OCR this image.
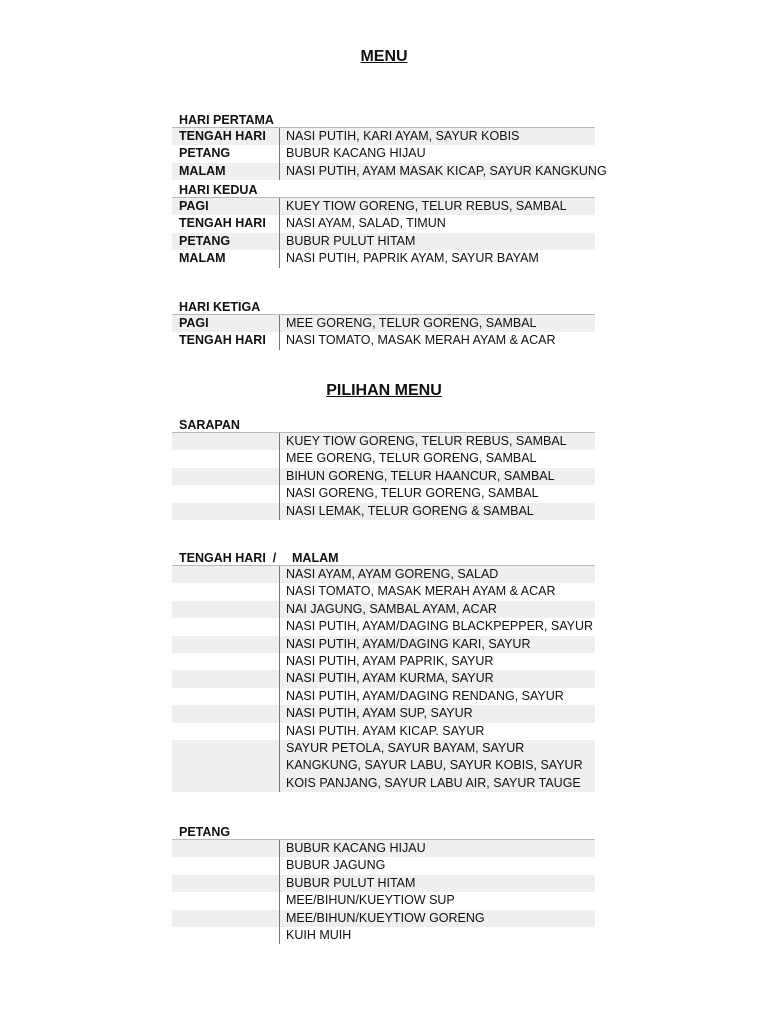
MENU
HARI PERTAMA
TENGAH HARI	NASI PUTIH, KARI AYAM, SAYUR KOBIS
PETANG	BUBUR KACANG HIJAU
MALAM	NASI PUTIH, AYAM MASAK KICAP, SAYUR KANGKUNG
HARI KEDUA
PAGI	KUEY TIOW GORENG, TELUR REBUS, SAMBAL
TENGAH HARI	NASI AYAM, SALAD, TIMUN
PETANG	BUBUR PULUT HITAM
MALAM	NASI PUTIH, PAPRIK AYAM, SAYUR BAYAM
HARI KETIGA
PAGI	MEE GORENG, TELUR GORENG, SAMBAL
TENGAH HARI	NASI TOMATO, MASAK MERAH AYAM & ACAR
PILIHAN MENU
SARAPAN
KUEY TIOW GORENG, TELUR REBUS, SAMBAL
MEE GORENG, TELUR GORENG, SAMBAL
BIHUN GORENG, TELUR HAANCUR, SAMBAL
NASI GORENG, TELUR GORENG, SAMBAL
NASI LEMAK, TELUR GORENG & SAMBAL
TENGAH HARI  /	MALAM
NASI AYAM, AYAM GORENG, SALAD
NASI TOMATO, MASAK MERAH AYAM & ACAR
NAI JAGUNG, SAMBAL AYAM, ACAR
NASI PUTIH, AYAM/DAGING BLACKPEPPER, SAYUR
NASI PUTIH, AYAM/DAGING KARI, SAYUR
NASI PUTIH, AYAM PAPRIK, SAYUR
NASI PUTIH, AYAM KURMA, SAYUR
NASI PUTIH, AYAM/DAGING RENDANG, SAYUR
NASI PUTIH, AYAM SUP, SAYUR
NASI PUTIH. AYAM KICAP. SAYUR
SAYUR PETOLA, SAYUR BAYAM, SAYUR KANGKUNG, SAYUR LABU, SAYUR KOBIS, SAYUR KOIS PANJANG, SAYUR LABU AIR, SAYUR TAUGE
PETANG
BUBUR KACANG HIJAU
BUBUR JAGUNG
BUBUR PULUT HITAM
MEE/BIHUN/KUEYTIOW SUP
MEE/BIHUN/KUEYTIOW GORENG
KUIH MUIH
